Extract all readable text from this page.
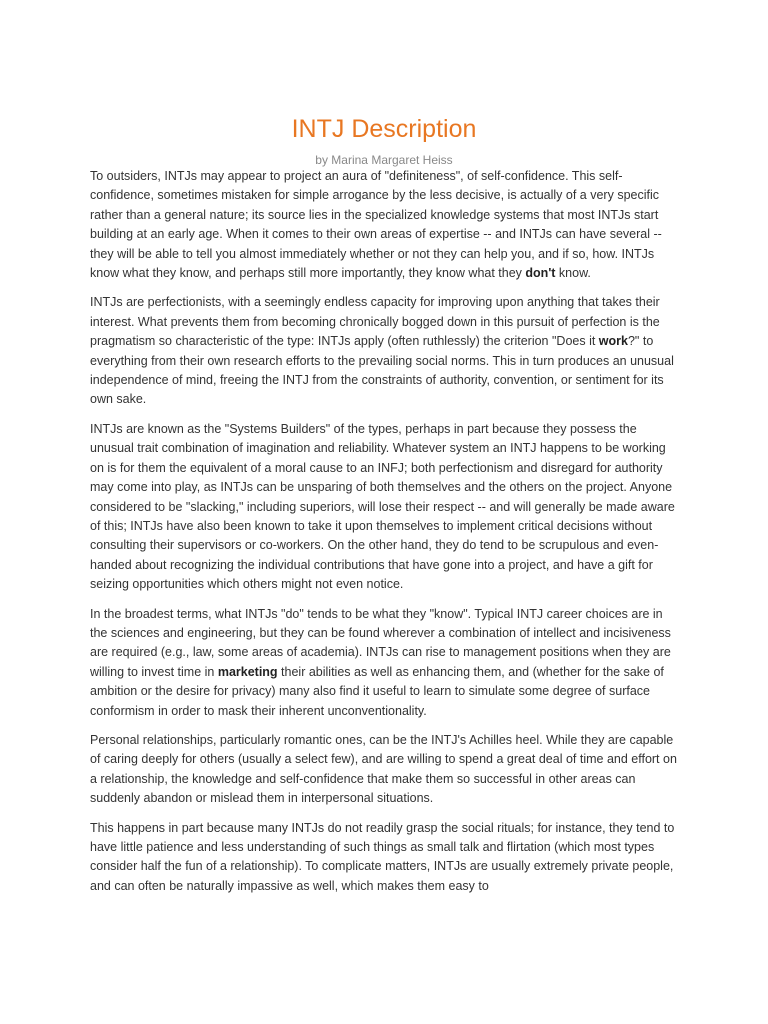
INTJ Description
by Marina Margaret Heiss

To outsiders, INTJs may appear to project an aura of "definiteness", of self-confidence. This self-confidence, sometimes mistaken for simple arrogance by the less decisive, is actually of a very specific rather than a general nature; its source lies in the specialized knowledge systems that most INTJs start building at an early age. When it comes to their own areas of expertise -- and INTJs can have several -- they will be able to tell you almost immediately whether or not they can help you, and if so, how. INTJs know what they know, and perhaps still more importantly, they know what they don't know.

INTJs are perfectionists, with a seemingly endless capacity for improving upon anything that takes their interest. What prevents them from becoming chronically bogged down in this pursuit of perfection is the pragmatism so characteristic of the type: INTJs apply (often ruthlessly) the criterion "Does it work?" to everything from their own research efforts to the prevailing social norms. This in turn produces an unusual independence of mind, freeing the INTJ from the constraints of authority, convention, or sentiment for its own sake.

INTJs are known as the "Systems Builders" of the types, perhaps in part because they possess the unusual trait combination of imagination and reliability. Whatever system an INTJ happens to be working on is for them the equivalent of a moral cause to an INFJ; both perfectionism and disregard for authority may come into play, as INTJs can be unsparing of both themselves and the others on the project. Anyone considered to be "slacking," including superiors, will lose their respect -- and will generally be made aware of this; INTJs have also been known to take it upon themselves to implement critical decisions without consulting their supervisors or co-workers. On the other hand, they do tend to be scrupulous and even-handed about recognizing the individual contributions that have gone into a project, and have a gift for seizing opportunities which others might not even notice.

In the broadest terms, what INTJs "do" tends to be what they "know". Typical INTJ career choices are in the sciences and engineering, but they can be found wherever a combination of intellect and incisiveness are required (e.g., law, some areas of academia). INTJs can rise to management positions when they are willing to invest time in marketing their abilities as well as enhancing them, and (whether for the sake of ambition or the desire for privacy) many also find it useful to learn to simulate some degree of surface conformism in order to mask their inherent unconventionality.

Personal relationships, particularly romantic ones, can be the INTJ's Achilles heel. While they are capable of caring deeply for others (usually a select few), and are willing to spend a great deal of time and effort on a relationship, the knowledge and self-confidence that make them so successful in other areas can suddenly abandon or mislead them in interpersonal situations.

This happens in part because many INTJs do not readily grasp the social rituals; for instance, they tend to have little patience and less understanding of such things as small talk and flirtation (which most types consider half the fun of a relationship). To complicate matters, INTJs are usually extremely private people, and can often be naturally impassive as well, which makes them easy to
